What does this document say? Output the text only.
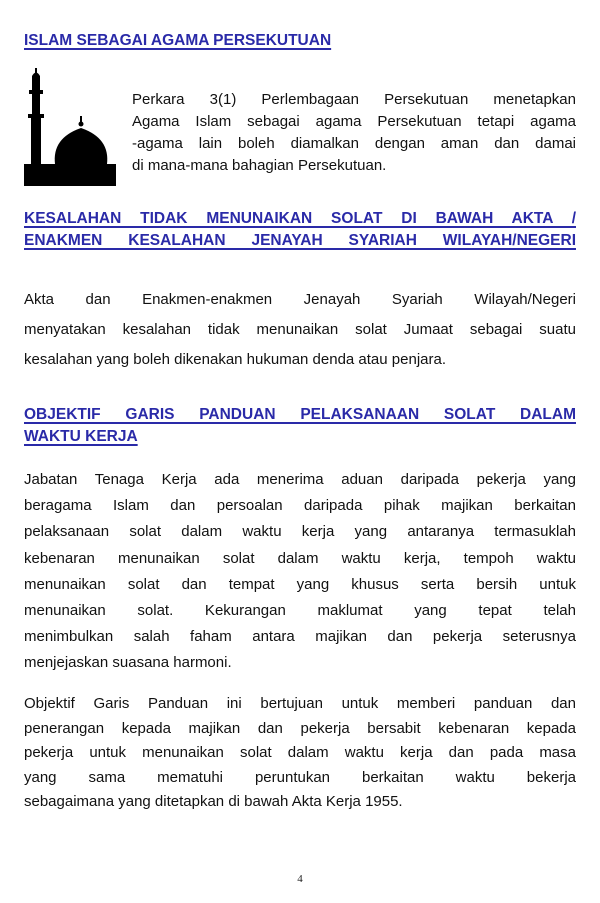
ISLAM SEBAGAI AGAMA PERSEKUTUAN
Perkara 3(1) Perlembagaan Persekutuan menetapkan
Agama Islam sebagai agama Persekutuan tetapi agama
-agama lain boleh diamalkan dengan aman dan damai
di mana-mana bahagian Persekutuan.
KESALAHAN TIDAK MENUNAIKAN SOLAT DI BAWAH AKTA /
ENAKMEN KESALAHAN JENAYAH SYARIAH WILAYAH/NEGERI
Akta dan Enakmen-enakmen Jenayah Syariah Wilayah/Negeri
menyatakan kesalahan tidak menunaikan solat Jumaat sebagai suatu
kesalahan yang boleh dikenakan hukuman denda atau penjara.
OBJEKTIF GARIS PANDUAN PELAKSANAAN SOLAT DALAM
WAKTU KERJA
Jabatan Tenaga Kerja ada menerima aduan daripada pekerja yang
beragama Islam dan persoalan daripada pihak majikan berkaitan
pelaksanaan solat dalam waktu kerja yang antaranya termasuklah
kebenaran menunaikan solat dalam waktu kerja, tempoh waktu
menunaikan solat dan tempat yang khusus serta bersih untuk
menunaikan solat. Kekurangan maklumat yang tepat telah
menimbulkan salah faham antara majikan dan pekerja seterusnya
menjejaskan suasana harmoni.
Objektif Garis Panduan ini bertujuan untuk memberi panduan dan
penerangan kepada majikan dan pekerja bersabit kebenaran kepada
pekerja untuk menunaikan solat dalam waktu kerja dan pada masa
yang sama mematuhi peruntukan berkaitan waktu bekerja
sebagaimana yang ditetapkan di bawah Akta Kerja 1955.
4
